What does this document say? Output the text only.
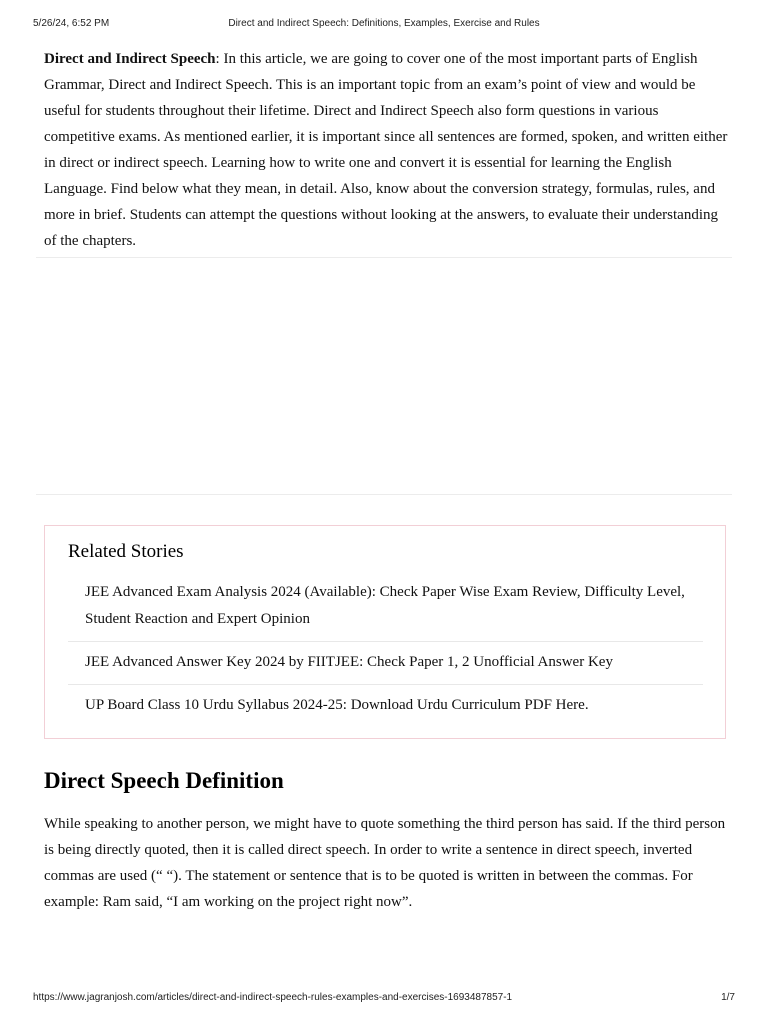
5/26/24, 6:52 PM	Direct and Indirect Speech: Definitions, Examples, Exercise and Rules

Direct and Indirect Speech: In this article, we are going to cover one of the most important parts of English Grammar, Direct and Indirect Speech. This is an important topic from an exam’s point of view and would be useful for students throughout their lifetime. Direct and Indirect Speech also form questions in various competitive exams. As mentioned earlier, it is important since all sentences are formed, spoken, and written either in direct or indirect speech. Learning how to write one and convert it is essential for learning the English Language. Find below what they mean, in detail. Also, know about the conversion strategy, formulas, rules, and more in brief. Students can attempt the questions without looking at the answers, to evaluate their understanding of the chapters.

Related Stories
JEE Advanced Exam Analysis 2024 (Available): Check Paper Wise Exam Review, Difficulty Level, Student Reaction and Expert Opinion
JEE Advanced Answer Key 2024 by FIITJEE: Check Paper 1, 2 Unofficial Answer Key
UP Board Class 10 Urdu Syllabus 2024-25: Download Urdu Curriculum PDF Here.
Direct Speech Definition

While speaking to another person, we might have to quote something the third person has said. If the third person is being directly quoted, then it is called direct speech. In order to write a sentence in direct speech, inverted commas are used (“ “). The statement or sentence that is to be quoted is written in between the commas. For example: Ram said, “I am working on the project right now”.

https://www.jagranjosh.com/articles/direct-and-indirect-speech-rules-examples-and-exercises-1693487857-1	1/7
